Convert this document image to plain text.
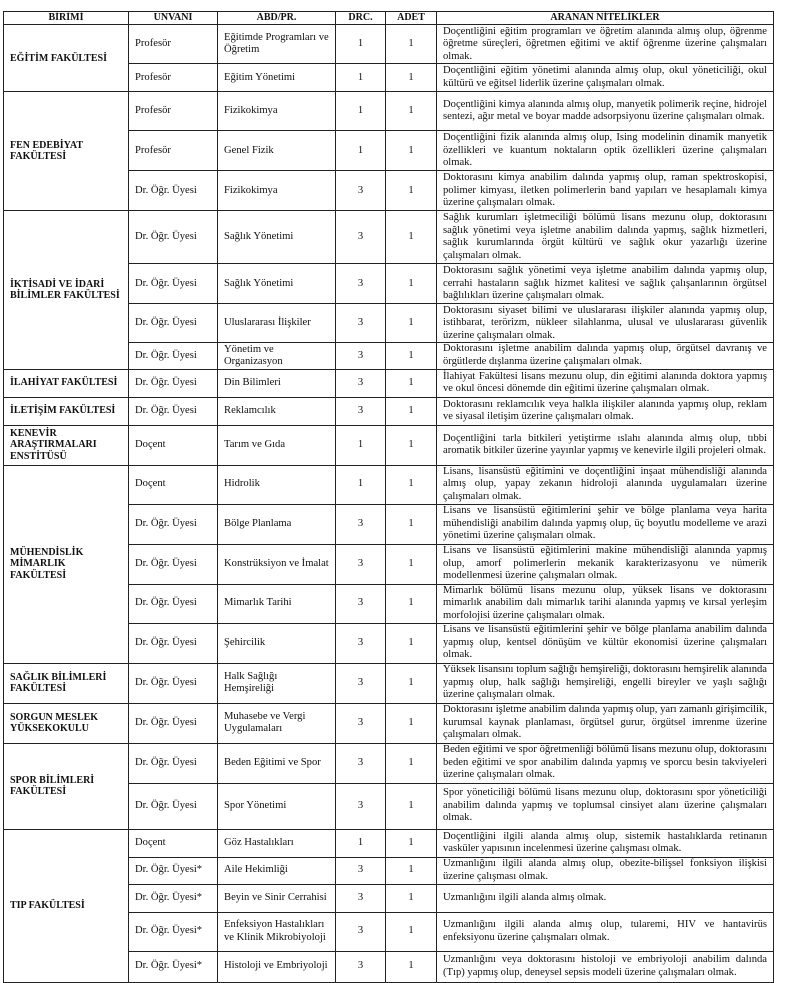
BİRİMİ	UNVANI	ABD/PR.	DRC.	ADET	ARANAN NİTELİKLER
EĞİTİM FAKÜLTESİ	Profesör	Eğitimde Programları ve Öğretim	1	1	Doçentliğini eğitim programları ve öğretim alanında almış olup, öğrenme öğretme süreçleri, öğretmen eğitimi ve aktif öğrenme üzerine çalışmaları olmak.
	Profesör	Eğitim Yönetimi	1	1	Doçentliğini eğitim yönetimi alanında almış olup, okul yöneticiliği, okul kültürü ve eğitsel liderlik üzerine çalışmaları olmak.
FEN EDEBİYAT FAKÜLTESİ	Profesör	Fizikokimya	1	1	Doçentliğini kimya alanında almış olup, manyetik polimerik reçine, hidrojel sentezi, ağır metal ve boyar madde adsorpsiyonu üzerine çalışmaları olmak.
	Profesör	Genel Fizik	1	1	Doçentliğini fizik alanında almış olup, Ising modelinin dinamik manyetik özellikleri ve kuantum noktaların optik özellikleri üzerine çalışmaları olmak.
	Dr. Öğr. Üyesi	Fizikokimya	3	1	Doktorasını kimya anabilim dalında yapmış olup, raman spektroskopisi, polimer kimyası, iletken polimerlerin band yapıları ve hesaplamalı kimya üzerine çalışmaları olmak.
İKTİSADİ VE İDARİ BİLİMLER FAKÜLTESİ	Dr. Öğr. Üyesi	Sağlık Yönetimi	3	1	Sağlık kurumları işletmeciliği bölümü lisans mezunu olup, doktorasını sağlık yönetimi veya işletme anabilim dalında yapmış, sağlık hizmetleri, sağlık kurumlarında örgüt kültürü ve sağlık okur yazarlığı üzerine çalışmaları olmak.
	Dr. Öğr. Üyesi	Sağlık Yönetimi	3	1	Doktorasını sağlık yönetimi veya işletme anabilim dalında yapmış olup, cerrahi hastaların sağlık hizmet kalitesi ve sağlık çalışanlarının örgütsel bağlılıkları üzerine çalışmaları olmak.
	Dr. Öğr. Üyesi	Uluslararası İlişkiler	3	1	Doktorasını siyaset bilimi ve uluslararası ilişkiler alanında yapmış olup, istihbarat, terörizm, nükleer silahlanma, ulusal ve uluslararası güvenlik üzerine çalışmaları olmak.
	Dr. Öğr. Üyesi	Yönetim ve Organizasyon	3	1	Doktorasını işletme anabilim dalında yapmış olup, örgütsel davranış ve örgütlerde dışlanma üzerine çalışmaları olmak.
İLAHİYAT FAKÜLTESİ	Dr. Öğr. Üyesi	Din Bilimleri	3	1	İlahiyat Fakültesi lisans mezunu olup, din eğitimi alanında doktora yapmış ve okul öncesi dönemde din eğitimi üzerine çalışmaları olmak.
İLETİŞİM FAKÜLTESİ	Dr. Öğr. Üyesi	Reklamcılık	3	1	Doktorasını reklamcılık veya halkla ilişkiler alanında yapmış olup, reklam ve siyasal iletişim üzerine çalışmaları olmak.
KENEVİR ARAŞTIRMALARI ENSTİTÜSÜ	Doçent	Tarım ve Gıda	1	1	Doçentliğini tarla bitkileri yetiştirme ıslahı alanında almış olup, tıbbi aromatik bitkiler üzerine yayınlar yapmış ve kenevirle ilgili projeleri olmak.
MÜHENDİSLİK MİMARLIK FAKÜLTESİ	Doçent	Hidrolik	1	1	Lisans, lisansüstü eğitimini ve doçentliğini inşaat mühendisliği alanında almış olup, yapay zekanın hidroloji alanında uygulamaları üzerine çalışmaları olmak.
	Dr. Öğr. Üyesi	Bölge Planlama	3	1	Lisans ve lisansüstü eğitimlerini şehir ve bölge planlama veya harita mühendisliği anabilim dalında yapmış olup, üç boyutlu modelleme ve arazi yönetimi üzerine çalışmaları olmak.
	Dr. Öğr. Üyesi	Konstrüksiyon ve İmalat	3	1	Lisans ve lisansüstü eğitimlerini makine mühendisliği alanında yapmış olup, amorf polimerlerin mekanik karakterizasyonu ve nümerik modellenmesi üzerine çalışmaları olmak.
	Dr. Öğr. Üyesi	Mimarlık Tarihi	3	1	Mimarlık bölümü lisans mezunu olup, yüksek lisans ve doktorasını mimarlık anabilim dalı mimarlık tarihi alanında yapmış ve kırsal yerleşim morfolojisi üzerine çalışmaları olmak.
	Dr. Öğr. Üyesi	Şehircilik	3	1	Lisans ve lisansüstü eğitimlerini şehir ve bölge planlama anabilim dalında yapmış olup, kentsel dönüşüm ve kültür ekonomisi üzerine çalışmaları olmak.
SAĞLIK BİLİMLERİ FAKÜLTESİ	Dr. Öğr. Üyesi	Halk Sağlığı Hemşireliği	3	1	Yüksek lisansını toplum sağlığı hemşireliği, doktorasını hemşirelik alanında yapmış olup, halk sağlığı hemşireliği, engelli bireyler ve yaşlı sağlığı üzerine çalışmaları olmak.
SORGUN MESLEK YÜKSEKOKULU	Dr. Öğr. Üyesi	Muhasebe ve Vergi Uygulamaları	3	1	Doktorasını işletme anabilim dalında yapmış olup, yarı zamanlı girişimcilik, kurumsal kaynak planlaması, örgütsel gurur, örgütsel imrenme üzerine çalışmaları olmak.
SPOR BİLİMLERİ FAKÜLTESİ	Dr. Öğr. Üyesi	Beden Eğitimi ve Spor	3	1	Beden eğitimi ve spor öğretmenliği bölümü lisans mezunu olup, doktorasını beden eğitimi ve spor anabilim dalında yapmış ve sporcu besin takviyeleri üzerine çalışmaları olmak.
	Dr. Öğr. Üyesi	Spor Yönetimi	3	1	Spor yöneticiliği bölümü lisans mezunu olup, doktorasını spor yöneticiliği anabilim dalında yapmış ve toplumsal cinsiyet alanı üzerine çalışmaları olmak.
TIP FAKÜLTESİ	Doçent	Göz Hastalıkları	1	1	Doçentliğini ilgili alanda almış olup, sistemik hastalıklarda retinanın vasküler yapısının incelenmesi üzerine çalışması olmak.
	Dr. Öğr. Üyesi*	Aile Hekimliği	3	1	Uzmanlığını ilgili alanda almış olup, obezite-bilişsel fonksiyon ilişkisi üzerine çalışması olmak.
	Dr. Öğr. Üyesi*	Beyin ve Sinir Cerrahisi	3	1	Uzmanlığını ilgili alanda almış olmak.
	Dr. Öğr. Üyesi*	Enfeksiyon Hastalıkları ve Klinik Mikrobiyoloji	3	1	Uzmanlığını ilgili alanda almış olup, tularemi, HIV ve hantavirüs enfeksiyonu üzerine çalışmaları olmak.
	Dr. Öğr. Üyesi*	Histoloji ve Embriyoloji	3	1	Uzmanlığını veya doktorasını histoloji ve embriyoloji anabilim dalında (Tıp) yapmış olup, deneysel sepsis modeli üzerine çalışmaları olmak.
